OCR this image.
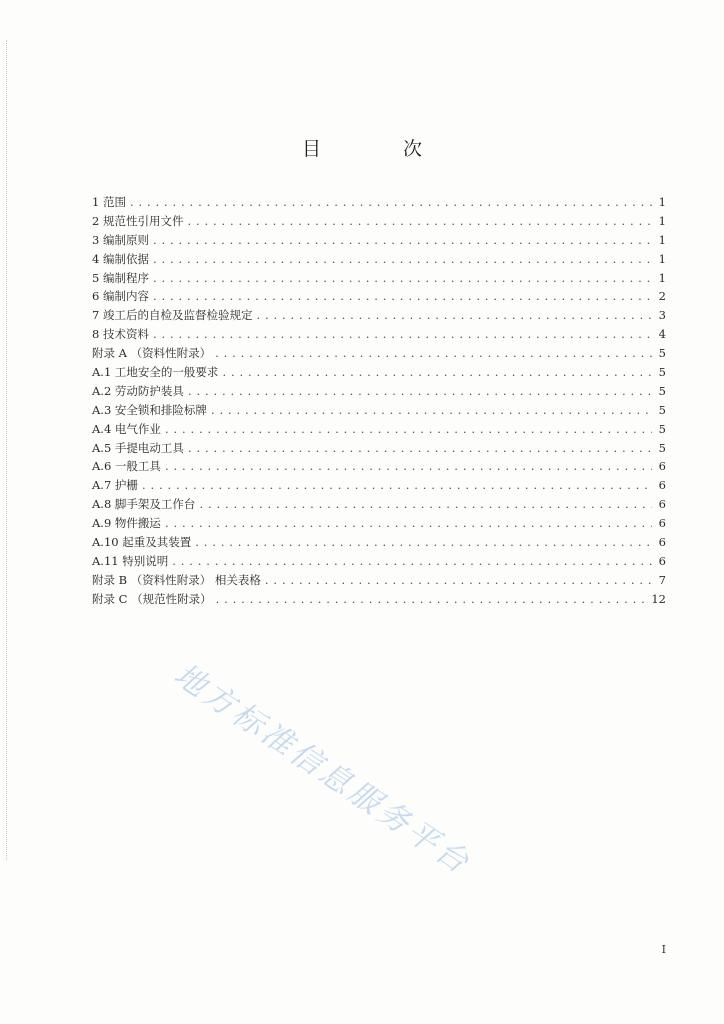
目 次
1 范围 . . .	1
2 规范性引用文件 . . .	1
3 编制原则 . . .	1
4 编制依据 . . .	1
5 编制程序 . . .	1
6 编制内容 . . .	2
7 竣工后的自检及监督检验规定 . . .	3
8 技术资料 . . .	4
附录 A （资料性附录） . . .	5
A.1 工地安全的一般要求 . . .	5
A.2 劳动防护装具 . . .	5
A.3 安全锁和排险标牌 . . .	5
A.4 电气作业 . . .	5
A.5 手提电动工具 . . .	5
A.6 一般工具 . . .	6
A.7 护栅 . . .	6
A.8 脚手架及工作台 . . .	6
A.9 物件搬运 . . .	6
A.10 起重及其装置 . . .	6
A.11 特别说明 . . .	6
附录 B （资料性附录） 相关表格 . . .	7
附录 C （规范性附录） . . .	12
地方标准信息服务平台
I
